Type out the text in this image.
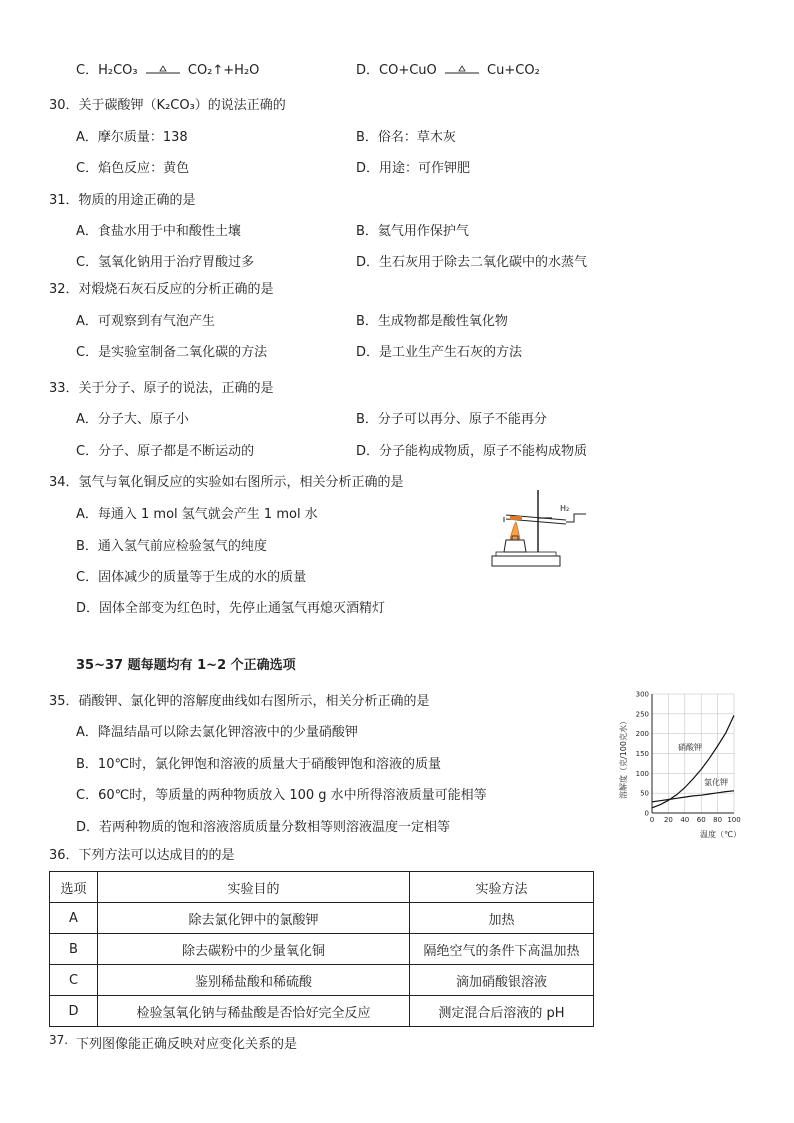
C．H₂CO₃	CO₂↑+H₂O	D．CO+CuO	Cu+CO₂
30．关于碳酸钾（K₂CO₃）的说法正确的
A．摩尔质量：138	B．俗名：草木灰
C．焰色反应：黄色	D．用途：可作钾肥
31．物质的用途正确的是
A．食盐水用于中和酸性土壤	B．氦气用作保护气
C．氢氧化钠用于治疗胃酸过多	D．生石灰用于除去二氧化碳中的水蒸气
32．对煅烧石灰石反应的分析正确的是
A．可观察到有气泡产生	B．生成物都是酸性氧化物
C．是实验室制备二氧化碳的方法	D．是工业生产生石灰的方法
33．关于分子、原子的说法，正确的是
A．分子大、原子小	B．分子可以再分、原子不能再分
C．分子、原子都是不断运动的	D．分子能构成物质，原子不能构成物质
34．氢气与氧化铜反应的实验如右图所示，相关分析正确的是
A．每通入 1 mol 氢气就会产生 1 mol 水
B．通入氢气前应检验氢气的纯度
C．固体减少的质量等于生成的水的质量
D．固体全部变为红色时，先停止通氢气再熄灭酒精灯
H₂
35~37 题每题均有 1~2 个正确选项
35．硝酸钾、氯化钾的溶解度曲线如右图所示，相关分析正确的是
A．降温结晶可以除去氯化钾溶液中的少量硝酸钾
B．10℃时，氯化钾饱和溶液的质量大于硝酸钾饱和溶液的质量
C．60℃时，等质量的两种物质放入 100 g 水中所得溶液质量可能相等
D．若两种物质的饱和溶液溶质质量分数相等则溶液温度一定相等	0 20 40 60 80 100
0
50
100
150
200
250
300
溶解度（克/100克水）
温度（℃）
硝酸钾
氯化钾
36．下列方法可以达成目的的是
选项	实验目的	实验方法
A	除去氯化钾中的氯酸钾	加热
B	除去碳粉中的少量氧化铜	隔绝空气的条件下高温加热
C	鉴别稀盐酸和稀硫酸	滴加硝酸银溶液
D	检验氢氧化钠与稀盐酸是否恰好完全反应	测定混合后溶液的 pH
37. 下列图像能正确反映对应变化关系的是
